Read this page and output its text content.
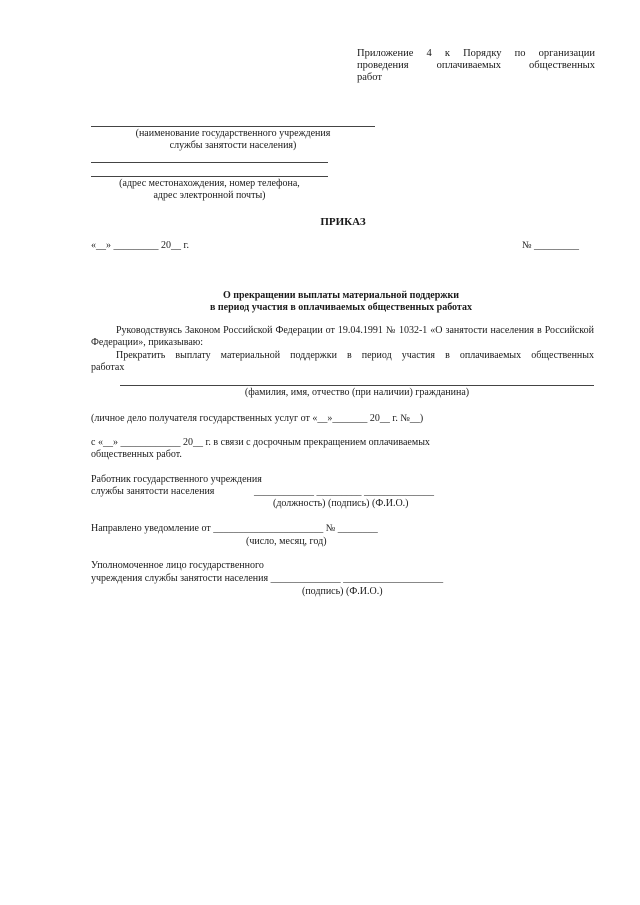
Приложение 4 к Порядку по организации
проведения оплачиваемых общественных
работ
(наименование государственного учреждения
службы занятости населения)
(адрес местонахождения, номер телефона,
адрес электронной почты)
ПРИКАЗ
«__» _________ 20__ г.	№ _________
О прекращении выплаты материальной поддержки
в период участия в оплачиваемых общественных работах
Руководствуясь Законом Российской Федерации от 19.04.1991 № 1032-1 «О занятости населения в Российской Федерации», приказываю:
Прекратить выплату материальной поддержки в период участия в оплачиваемых общественных
работах
(фамилия, имя, отчество (при наличии) гражданина)
(личное дело получателя государственных услуг от «__»_______ 20__ г. №__)
с «__» ____________ 20__ г. в связи с досрочным прекращением оплачиваемых
общественных работ.
Работник государственного учреждения
службы занятости населения	____________ _________ ______________
(должность) (подпись) (Ф.И.О.)
Направлено уведомление от ______________________ № ________
(число, месяц, год)
Уполномоченное лицо государственного
учреждения службы занятости населения ______________ ____________________
(подпись) (Ф.И.О.)
